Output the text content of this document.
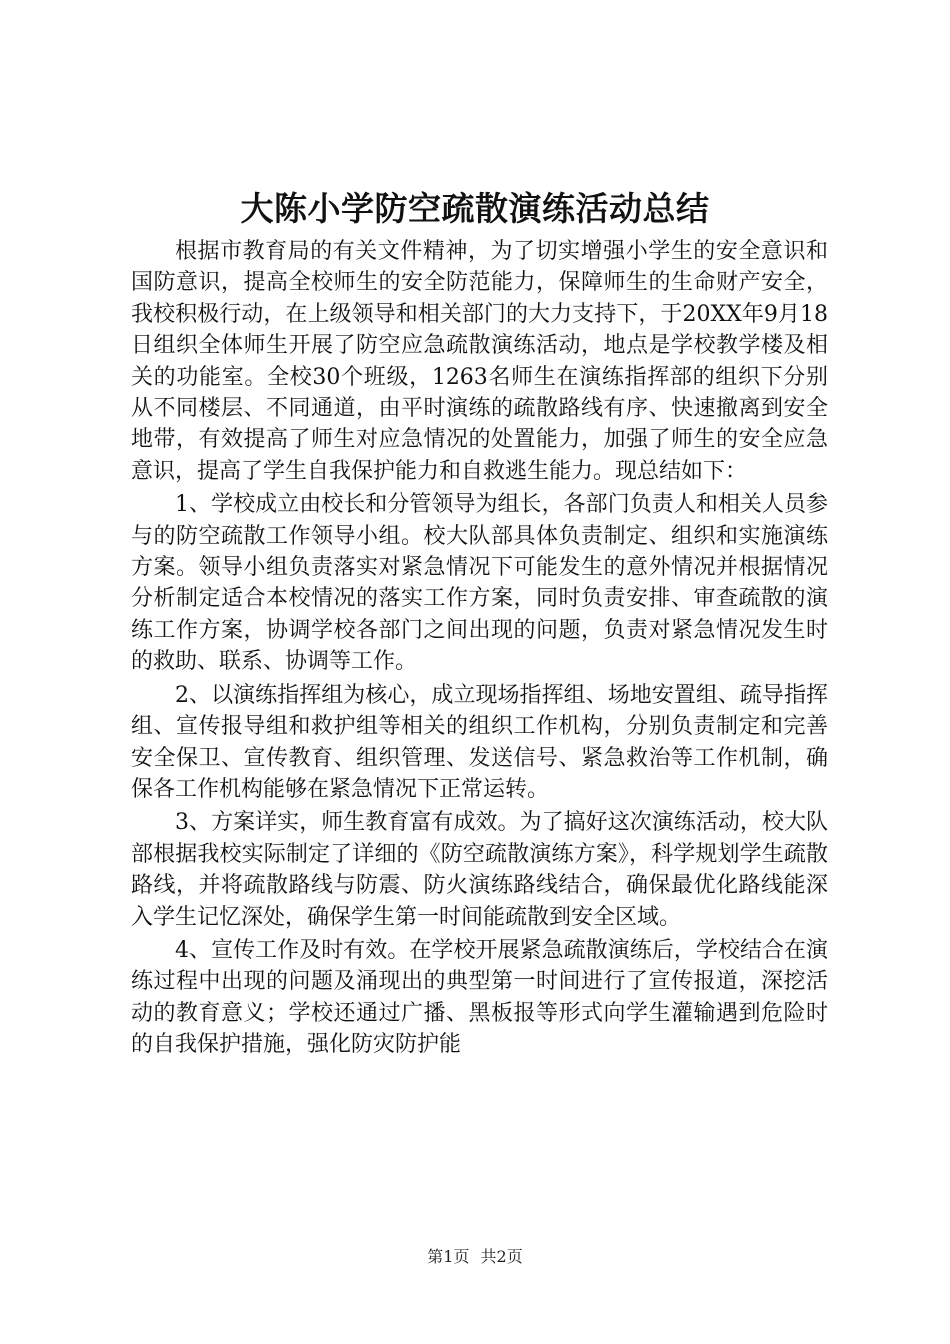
大陈小学防空疏散演练活动总结

根据市教育局的有关文件精神，为了切实增强小学生的安全意识和国防意识，提高全校师生的安全防范能力，保障师生的生命财产安全，我校积极行动，在上级领导和相关部门的大力支持下，于20XX年9月18日组织全体师生开展了防空应急疏散演练活动，地点是学校教学楼及相关的功能室。全校30个班级，1263名师生在演练指挥部的组织下分别从不同楼层、不同通道，由平时演练的疏散路线有序、快速撤离到安全地带，有效提高了师生对应急情况的处置能力，加强了师生的安全应急意识，提高了学生自我保护能力和自救逃生能力。现总结如下：

1、学校成立由校长和分管领导为组长，各部门负责人和相关人员参与的防空疏散工作领导小组。校大队部具体负责制定、组织和实施演练方案。领导小组负责落实对紧急情况下可能发生的意外情况并根据情况分析制定适合本校情况的落实工作方案，同时负责安排、审查疏散的演练工作方案，协调学校各部门之间出现的问题，负责对紧急情况发生时的救助、联系、协调等工作。

2、以演练指挥组为核心，成立现场指挥组、场地安置组、疏导指挥组、宣传报导组和救护组等相关的组织工作机构，分别负责制定和完善安全保卫、宣传教育、组织管理、发送信号、紧急救治等工作机制，确保各工作机构能够在紧急情况下正常运转。

3、方案详实，师生教育富有成效。为了搞好这次演练活动，校大队部根据我校实际制定了详细的《防空疏散演练方案》，科学规划学生疏散路线，并将疏散路线与防震、防火演练路线结合，确保最优化路线能深入学生记忆深处，确保学生第一时间能疏散到安全区域。

4、宣传工作及时有效。在学校开展紧急疏散演练后，学校结合在演练过程中出现的问题及涌现出的典型第一时间进行了宣传报道，深挖活动的教育意义；学校还通过广播、黑板报等形式向学生灌输遇到危险时的自我保护措施，强化防灾防护能

第1页 共2页
